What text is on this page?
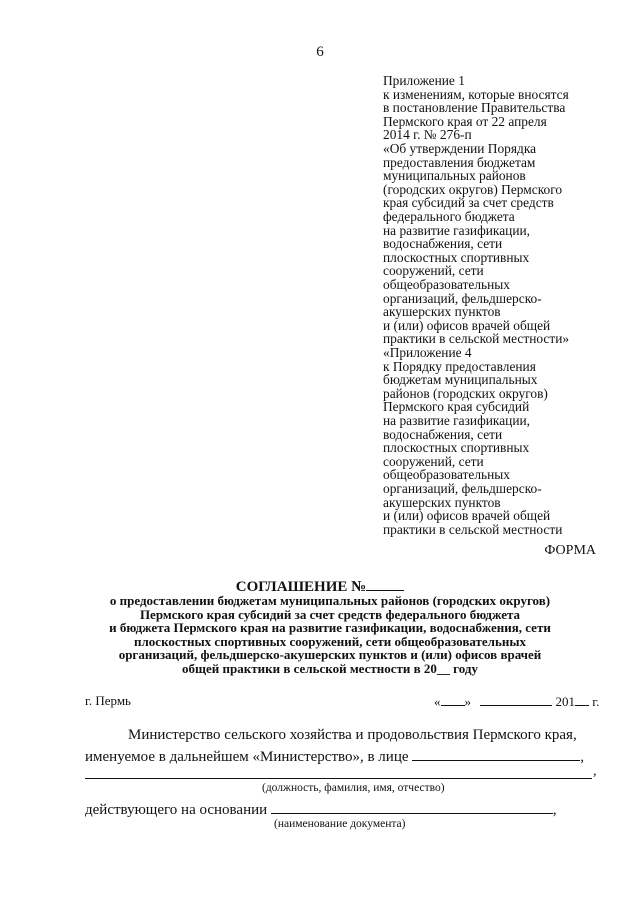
6
Приложение 1
к изменениям, которые вносятся
в постановление Правительства
Пермского края от 22 апреля
2014 г. № 276-п
«Об утверждении Порядка
предоставления бюджетам
муниципальных районов
(городских округов) Пермского
края субсидий за счет средств
федерального бюджета
на развитие газификации,
водоснабжения, сети
плоскостных спортивных
сооружений, сети
общеобразовательных
организаций, фельдшерско-
акушерских пунктов
и (или) офисов врачей общей
практики в сельской местности»
«Приложение 4
к Порядку предоставления
бюджетам муниципальных
районов (городских округов)
Пермского края субсидий
на развитие газификации,
водоснабжения, сети
плоскостных спортивных
сооружений, сети
общеобразовательных
организаций, фельдшерско-
акушерских пунктов
и (или) офисов врачей общей
практики в сельской местности
ФОРМА
СОГЛАШЕНИЕ №
о предоставлении бюджетам муниципальных районов (городских округов)
Пермского края субсидий за счет средств федерального бюджета
и бюджета Пермского края на развитие газификации, водоснабжения, сети
плоскостных спортивных сооружений, сети общеобразовательных
организаций, фельдшерско-акушерских пунктов и (или) офисов врачей
общей практики в сельской местности в 20__ году
г. Пермь	« »	201 г.
Министерство сельского хозяйства и продовольствия Пермского края,
именуемое в дальнейшем «Министерство», в лице	,
,
(должность, фамилия, имя, отчество)
действующего на основании	,
(наименование документа)
